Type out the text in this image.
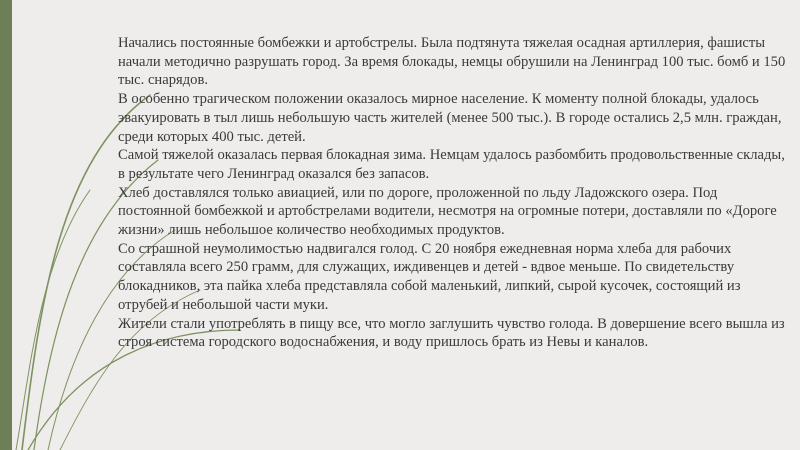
Начались постоянные бомбежки и артобстрелы. Была подтянута тяжелая осадная артиллерия, фашисты начали методично разрушать город. За время блокады, немцы обрушили на Ленинград 100 тыс. бомб и 150 тыс. снарядов.

В особенно трагическом положении оказалось мирное население. К моменту полной блокады, удалось эвакуировать в тыл лишь небольшую часть жителей (менее 500 тыс.). В городе остались 2,5 млн. граждан, среди которых 400 тыс. детей.

Самой тяжелой оказалась первая блокадная зима. Немцам удалось разбомбить продовольственные склады, в результате чего Ленинград оказался без запасов.

Хлеб доставлялся только авиацией, или по дороге, проложенной по льду Ладожского озера. Под постоянной бомбежкой и артобстрелами водители, несмотря на огромные потери, доставляли по «Дороге жизни» лишь небольшое количество необходимых продуктов.

Со страшной неумолимостью надвигался голод. С 20 ноября ежедневная норма хлеба для рабочих составляла всего 250 грамм, для служащих, иждивенцев и детей - вдвое меньше. По свидетельству блокадников, эта пайка хлеба представляла собой маленький, липкий, сырой кусочек, состоящий из отрубей и небольшой части муки.

Жители стали употреблять в пищу все, что могло заглушить чувство голода. В довершение всего вышла из строя система городского водоснабжения, и воду пришлось брать из Невы и каналов.
